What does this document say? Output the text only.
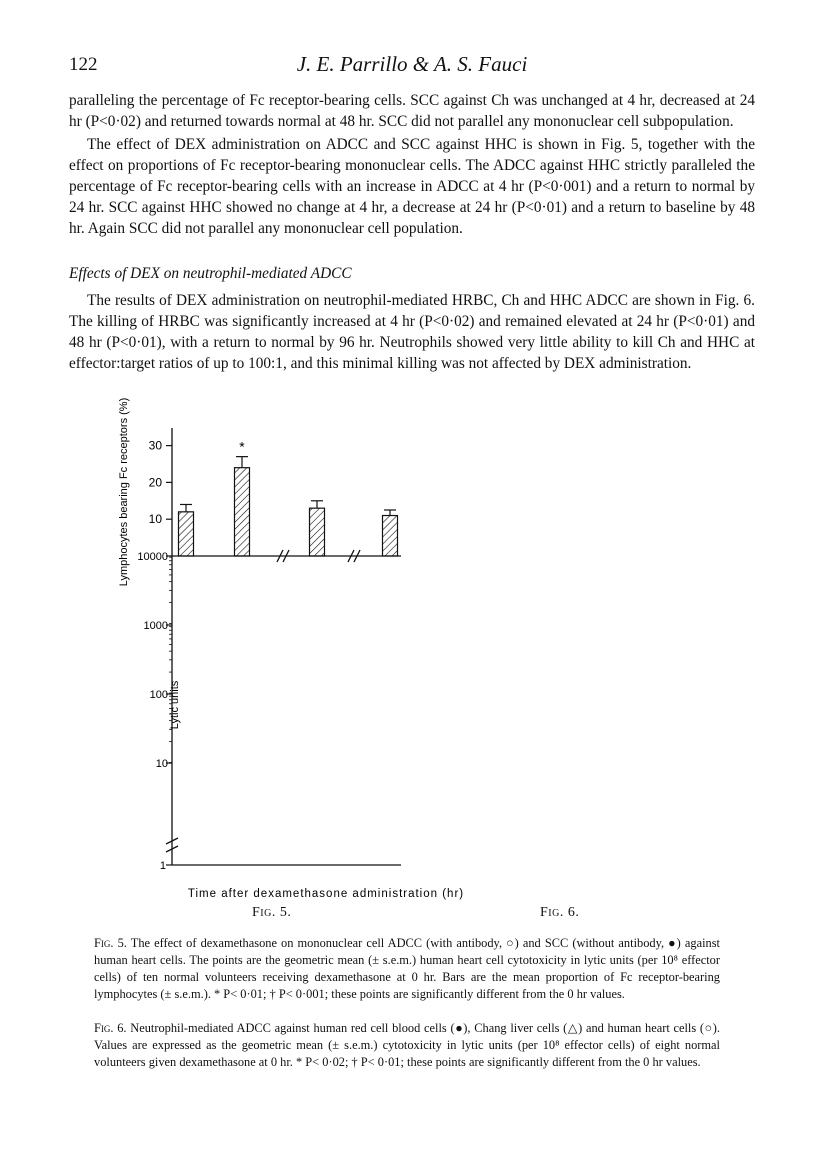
122	J. E. Parrillo & A. S. Fauci

paralleling the percentage of Fc receptor-bearing cells. SCC against Ch was unchanged at 4 hr, decreased at 24 hr (P<0·02) and returned towards normal at 48 hr. SCC did not parallel any mononuclear cell subpopulation.

The effect of DEX administration on ADCC and SCC against HHC is shown in Fig. 5, together with the effect on proportions of Fc receptor-bearing mononuclear cells. The ADCC against HHC strictly paralleled the percentage of Fc receptor-bearing cells with an increase in ADCC at 4 hr (P<0·001) and a return to normal by 24 hr. SCC against HHC showed no change at 4 hr, a decrease at 24 hr (P<0·01) and a return to baseline by 48 hr. Again SCC did not parallel any mononuclear cell population.

Effects of DEX on neutrophil-mediated ADCC

The results of DEX administration on neutrophil-mediated HRBC, Ch and HHC ADCC are shown in Fig. 6. The killing of HRBC was significantly increased at 4 hr (P<0·02) and remained elevated at 24 hr (P<0·01) and 48 hr (P<0·01), with a return to normal by 96 hr. Neutrophils showed very little ability to kill Ch and HHC at effector:target ratios of up to 100:1, and this minimal killing was not affected by DEX administration.

Time after dexamethasone administration (hr)
10
20
30
Lymphocytes bearing Fc receptors (%)	*
10000
1000
100
10
1
Lytic units
Fig. 5.	Fig. 6.

Fig. 5. The effect of dexamethasone on mononuclear cell ADCC (with antibody, ○) and SCC (without antibody, ●) against human heart cells. The points are the geometric mean (± s.e.m.) human heart cell cytotoxicity in lytic units (per 10⁸ effector cells) of ten normal volunteers receiving dexamethasone at 0 hr. Bars are the mean proportion of Fc receptor-bearing lymphocytes (± s.e.m.). * P< 0·01; † P< 0·001; these points are significantly different from the 0 hr values.

Fig. 6. Neutrophil-mediated ADCC against human red cell blood cells (●), Chang liver cells (△) and human heart cells (○). Values are expressed as the geometric mean (± s.e.m.) cytotoxicity in lytic units (per 10⁸ effector cells) of eight normal volunteers given dexamethasone at 0 hr. * P< 0·02; † P< 0·01; these points are significantly different from the 0 hr values.
